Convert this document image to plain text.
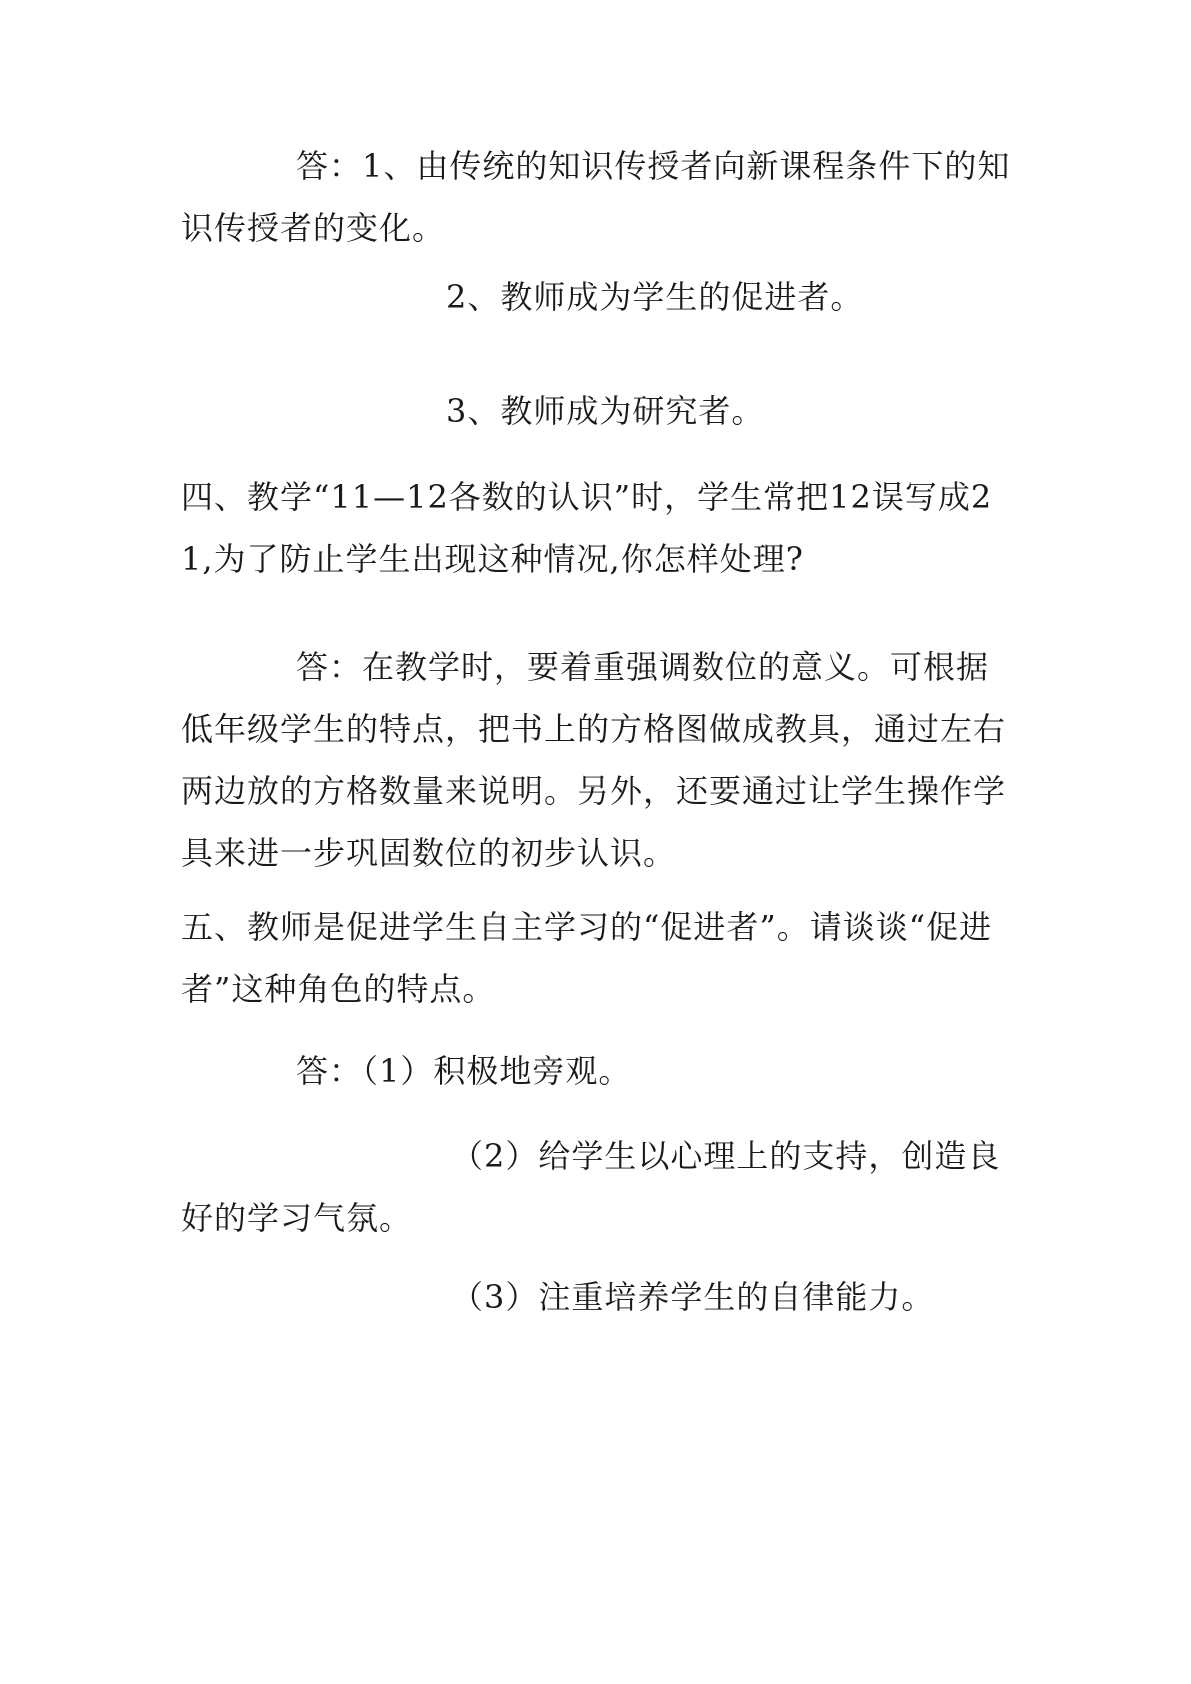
答：1、由传统的知识传授者向新课程条件下的知识传授者的变化。

2、教师成为学生的促进者。

3、教师成为研究者。

四、教学“11—12各数的认识”时，学生常把12误写成21,为了防止学生出现这种情况,你怎样处理?

答：在教学时，要着重强调数位的意义。可根据低年级学生的特点，把书上的方格图做成教具，通过左右两边放的方格数量来说明。另外，还要通过让学生操作学具来进一步巩固数位的初步认识。

五、教师是促进学生自主学习的“促进者”。请谈谈“促进者”这种角色的特点。

答：（1）积极地旁观。

（2）给学生以心理上的支持，创造良好的学习气氛。

（3）注重培养学生的自律能力。
